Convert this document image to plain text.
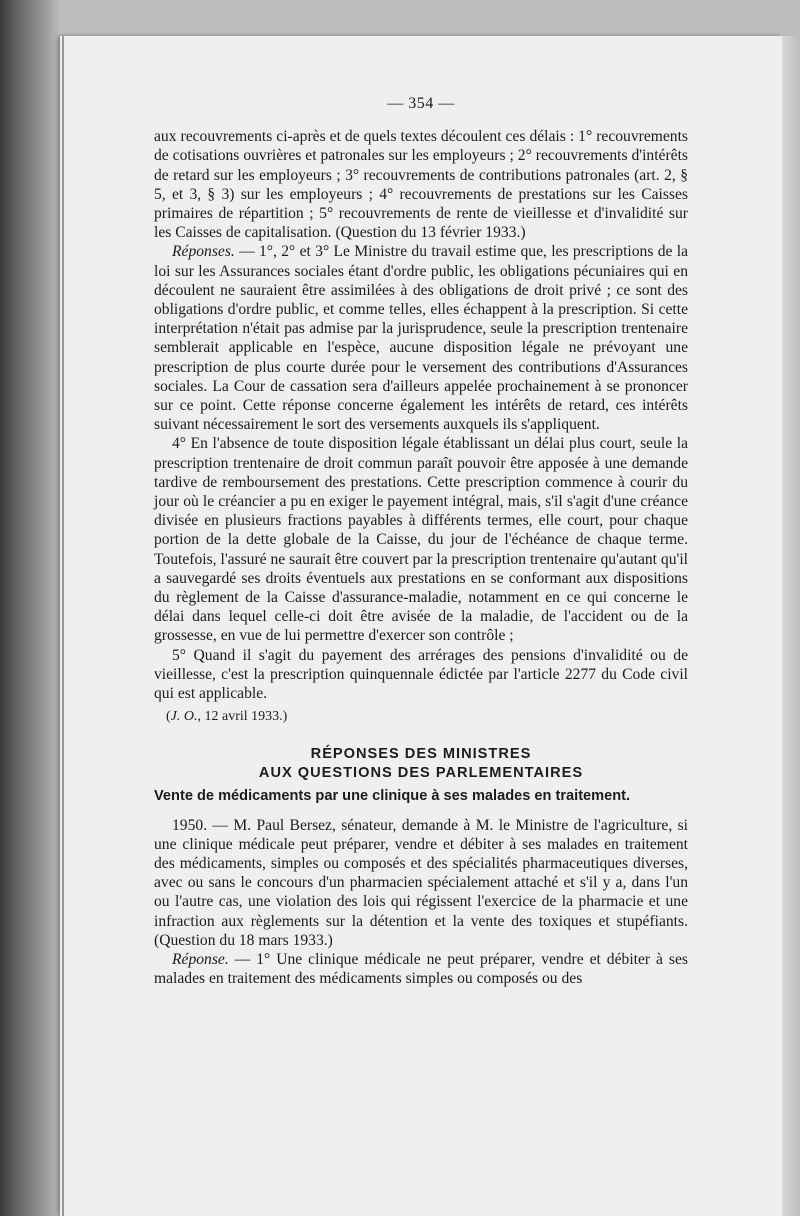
— 354 —

aux recouvrements ci-après et de quels textes découlent ces délais : 1° recouvrements de cotisations ouvrières et patronales sur les employeurs ; 2° recouvrements d'intérêts de retard sur les employeurs ; 3° recouvrements de contributions patronales (art. 2, § 5, et 3, § 3) sur les employeurs ; 4° recouvrements de prestations sur les Caisses primaires de répartition ; 5° recouvrements de rente de vieillesse et d'invalidité sur les Caisses de capitalisation. (Question du 13 février 1933.)

Réponses. — 1°, 2° et 3° Le Ministre du travail estime que, les prescriptions de la loi sur les Assurances sociales étant d'ordre public, les obligations pécuniaires qui en découlent ne sauraient être assimilées à des obligations de droit privé ; ce sont des obligations d'ordre public, et comme telles, elles échappent à la prescription. Si cette interprétation n'était pas admise par la jurisprudence, seule la prescription trentenaire semblerait applicable en l'espèce, aucune disposition légale ne prévoyant une prescription de plus courte durée pour le versement des contributions d'Assurances sociales. La Cour de cassation sera d'ailleurs appelée prochainement à se prononcer sur ce point. Cette réponse concerne également les intérêts de retard, ces intérêts suivant nécessairement le sort des versements auxquels ils s'appliquent.

4° En l'absence de toute disposition légale établissant un délai plus court, seule la prescription trentenaire de droit commun paraît pouvoir être apposée à une demande tardive de remboursement des prestations. Cette prescription commence à courir du jour où le créancier a pu en exiger le payement intégral, mais, s'il s'agit d'une créance divisée en plusieurs fractions payables à différents termes, elle court, pour chaque portion de la dette globale de la Caisse, du jour de l'échéance de chaque terme. Toutefois, l'assuré ne saurait être couvert par la prescription trentenaire qu'autant qu'il a sauvegardé ses droits éventuels aux prestations en se conformant aux dispositions du règlement de la Caisse d'assurance-maladie, notamment en ce qui concerne le délai dans lequel celle-ci doit être avisée de la maladie, de l'accident ou de la grossesse, en vue de lui permettre d'exercer son contrôle ;

5° Quand il s'agit du payement des arrérages des pensions d'invalidité ou de vieillesse, c'est la prescription quinquennale édictée par l'article 2277 du Code civil qui est applicable.

(J. O., 12 avril 1933.)

RÉPONSES DES MINISTRES
AUX QUESTIONS DES PARLEMENTAIRES
Vente de médicaments par une clinique à ses malades en traitement.

1950. — M. Paul Bersez, sénateur, demande à M. le Ministre de l'agriculture, si une clinique médicale peut préparer, vendre et débiter à ses malades en traitement des médicaments, simples ou composés et des spécialités pharmaceutiques diverses, avec ou sans le concours d'un pharmacien spécialement attaché et s'il y a, dans l'un ou l'autre cas, une violation des lois qui régissent l'exercice de la pharmacie et une infraction aux règlements sur la détention et la vente des toxiques et stupéfiants. (Question du 18 mars 1933.)

Réponse. — 1° Une clinique médicale ne peut préparer, vendre et débiter à ses malades en traitement des médicaments simples ou composés ou des
